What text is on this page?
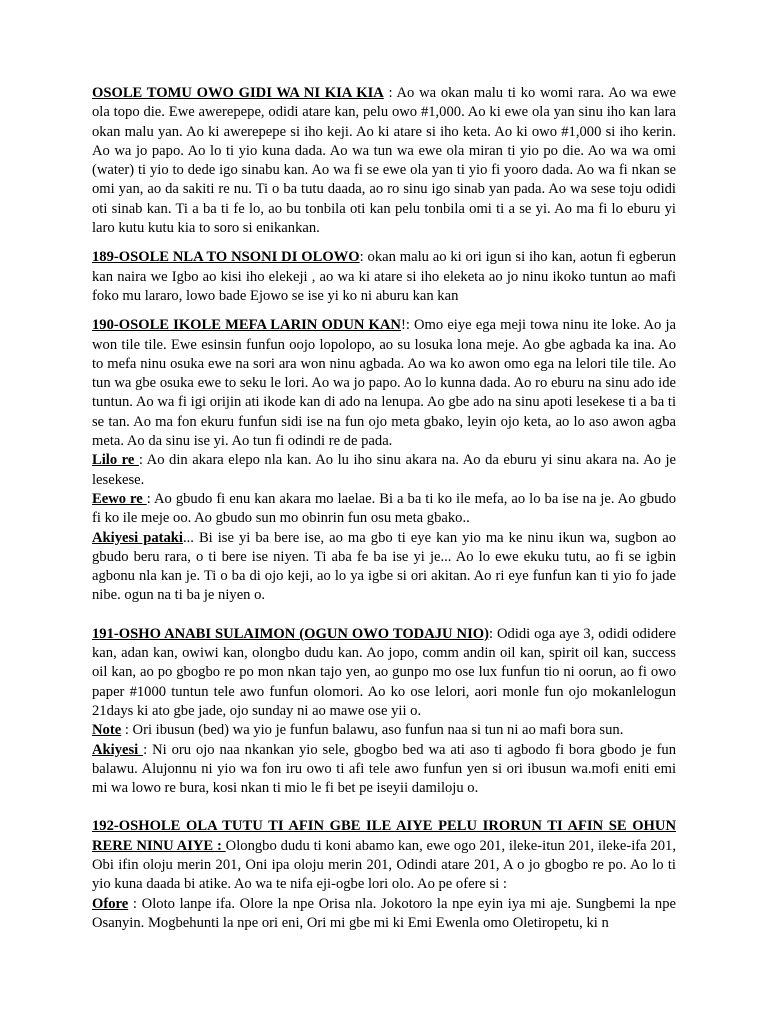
OSOLE TOMU OWO GIDI WA NI KIA KIA : Ao wa okan malu ti ko womi rara. Ao wa ewe ola topo die. Ewe awerepepe, odidi atare kan, pelu owo #1,000. Ao ki ewe ola yan sinu iho kan lara okan malu yan. Ao ki awerepepe si iho keji. Ao ki atare si iho keta. Ao ki owo #1,000 si iho kerin. Ao wa jo papo. Ao lo ti yio kuna dada. Ao wa tun wa ewe ola miran ti yio po die. Ao wa wa omi (water) ti yio to dede igo sinabu kan. Ao wa fi se ewe ola yan ti yio fi yooro dada. Ao wa fi nkan se omi yan, ao da sakiti re nu. Ti o ba tutu daada, ao ro sinu igo sinab yan pada. Ao wa sese toju odidi oti sinab kan. Ti a ba ti fe lo, ao bu tonbila oti kan pelu tonbila omi ti a se yi. Ao ma fi lo eburu yi laro kutu kutu kia to soro si enikankan.

189-OSOLE NLA TO NSONI DI OLOWO: okan malu ao ki ori igun si iho kan, aotun fi egberun kan naira we Igbo ao kisi iho elekeji , ao wa ki atare si iho eleketa ao jo ninu ikoko tuntun ao mafi foko mu lararo, lowo bade Ejowo se ise yi ko ni aburu kan kan

190-OSOLE IKOLE MEFA LARIN ODUN KAN!: Omo eiye ega meji towa ninu ite loke. Ao ja won tile tile. Ewe esinsin funfun oojo lopolopo, ao su losuka lona meje. Ao gbe agbada ka ina. Ao to mefa ninu osuka ewe na sori ara won ninu agbada. Ao wa ko awon omo ega na lelori tile tile. Ao tun wa gbe osuka ewe to seku le lori. Ao wa jo papo. Ao lo kunna dada. Ao ro eburu na sinu ado ide tuntun. Ao wa fi igi orijin ati ikode kan di ado na lenupa. Ao gbe ado na sinu apoti lesekese ti a ba ti se tan. Ao ma fon ekuru funfun sidi ise na fun ojo meta gbako, leyin ojo keta, ao lo aso awon agba meta. Ao da sinu ise yi. Ao tun fi odindi re de pada.

Lilo re : Ao din akara elepo nla kan. Ao lu iho sinu akara na. Ao da eburu yi sinu akara na. Ao je lesekese.

Eewo re : Ao gbudo fi enu kan akara mo laelae. Bi a ba ti ko ile mefa, ao lo ba ise na je. Ao gbudo fi ko ile meje oo. Ao gbudo sun mo obinrin fun osu meta gbako..

Akiyesi pataki... Bi ise yi ba bere ise, ao ma gbo ti eye kan yio ma ke ninu ikun wa, sugbon ao gbudo beru rara, o ti bere ise niyen. Ti aba fe ba ise yi je... Ao lo ewe ekuku tutu, ao fi se igbin agbonu nla kan je. Ti o ba di ojo keji, ao lo ya igbe si ori akitan. Ao ri eye funfun kan ti yio fo jade nibe. ogun na ti ba je niyen o.

191-OSHO ANABI SULAIMON (OGUN OWO TODAJU NIO): Odidi oga aye 3, odidi odidere kan, adan kan, owiwi kan, olongbo dudu kan. Ao jopo, comm andin oil kan, spirit oil kan, success oil kan, ao po gbogbo re po mon nkan tajo yen, ao gunpo mo ose lux funfun tio ni oorun, ao fi owo paper #1000 tuntun tele awo funfun olomori. Ao ko ose lelori, aori monle fun ojo mokanlelogun 21days ki ato gbe jade, ojo sunday ni ao mawe ose yii o.

Note : Ori ibusun (bed) wa yio je funfun balawu, aso funfun naa si tun ni ao mafi bora sun.

Akiyesi : Ni oru ojo naa nkankan yio sele, gbogbo bed wa ati aso ti agbodo fi bora gbodo je fun balawu. Alujonnu ni yio wa fon iru owo ti afi tele awo funfun yen si ori ibusun wa.mofi eniti emi mi wa lowo re bura, kosi nkan ti mio le fi bet pe iseyii damiloju o.

192-OSHOLE OLA TUTU TI AFIN GBE ILE AIYE PELU IRORUN TI AFIN SE OHUN RERE NINU AIYE : Olongbo dudu ti koni abamo kan, ewe ogo 201, ileke-itun 201, ileke-ifa 201, Obi ifin oloju merin 201, Oni ipa oloju merin 201, Odindi atare 201, A o jo gbogbo re po. Ao lo ti yio kuna daada bi atike. Ao wa te nifa eji-ogbe lori olo. Ao pe ofere si :

Ofore : Oloto lanpe ifa. Olore la npe Orisa nla. Jokotoro la npe eyin iya mi aje. Sungbemi la npe Osanyin. Mogbehunti la npe ori eni, Ori mi gbe mi ki Emi Ewenla omo Oletiropetu, ki n
